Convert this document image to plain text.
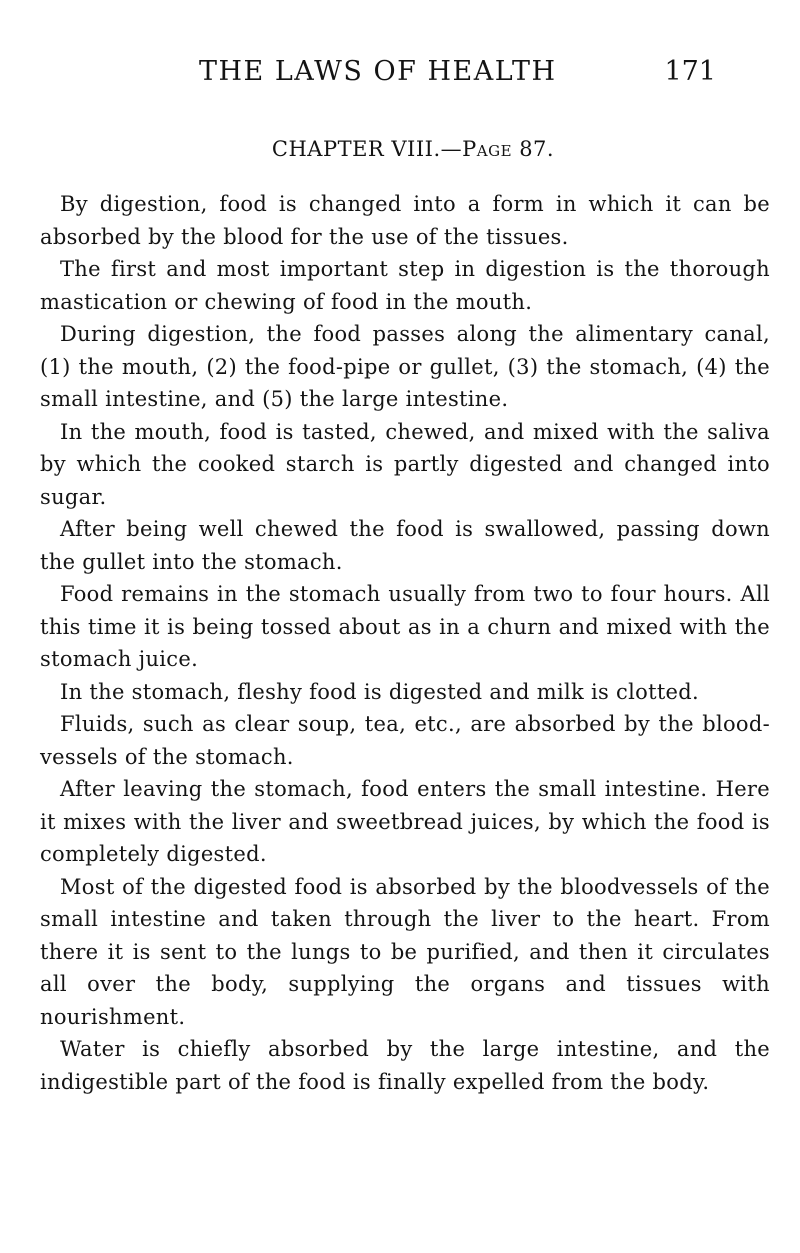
THE LAWS OF HEALTH	171
CHAPTER VIII.—Page 87.

By digestion, food is changed into a form in which it can be absorbed by the blood for the use of the tissues.

The first and most important step in digestion is the thorough mastication or chewing of food in the mouth.

During digestion, the food passes along the alimentary canal, (1) the mouth, (2) the food-pipe or gullet, (3) the stomach, (4) the small intestine, and (5) the large intestine.

In the mouth, food is tasted, chewed, and mixed with the saliva by which the cooked starch is partly digested and changed into sugar.

After being well chewed the food is swallowed, passing down the gullet into the stomach.

Food remains in the stomach usually from two to four hours. All this time it is being tossed about as in a churn and mixed with the stomach juice.

In the stomach, fleshy food is digested and milk is clotted.

Fluids, such as clear soup, tea, etc., are absorbed by the blood-vessels of the stomach.

After leaving the stomach, food enters the small intestine. Here it mixes with the liver and sweetbread juices, by which the food is completely digested.

Most of the digested food is absorbed by the bloodvessels of the small intestine and taken through the liver to the heart. From there it is sent to the lungs to be purified, and then it circulates all over the body, supplying the organs and tissues with nourishment.

Water is chiefly absorbed by the large intestine, and the indigestible part of the food is finally expelled from the body.
